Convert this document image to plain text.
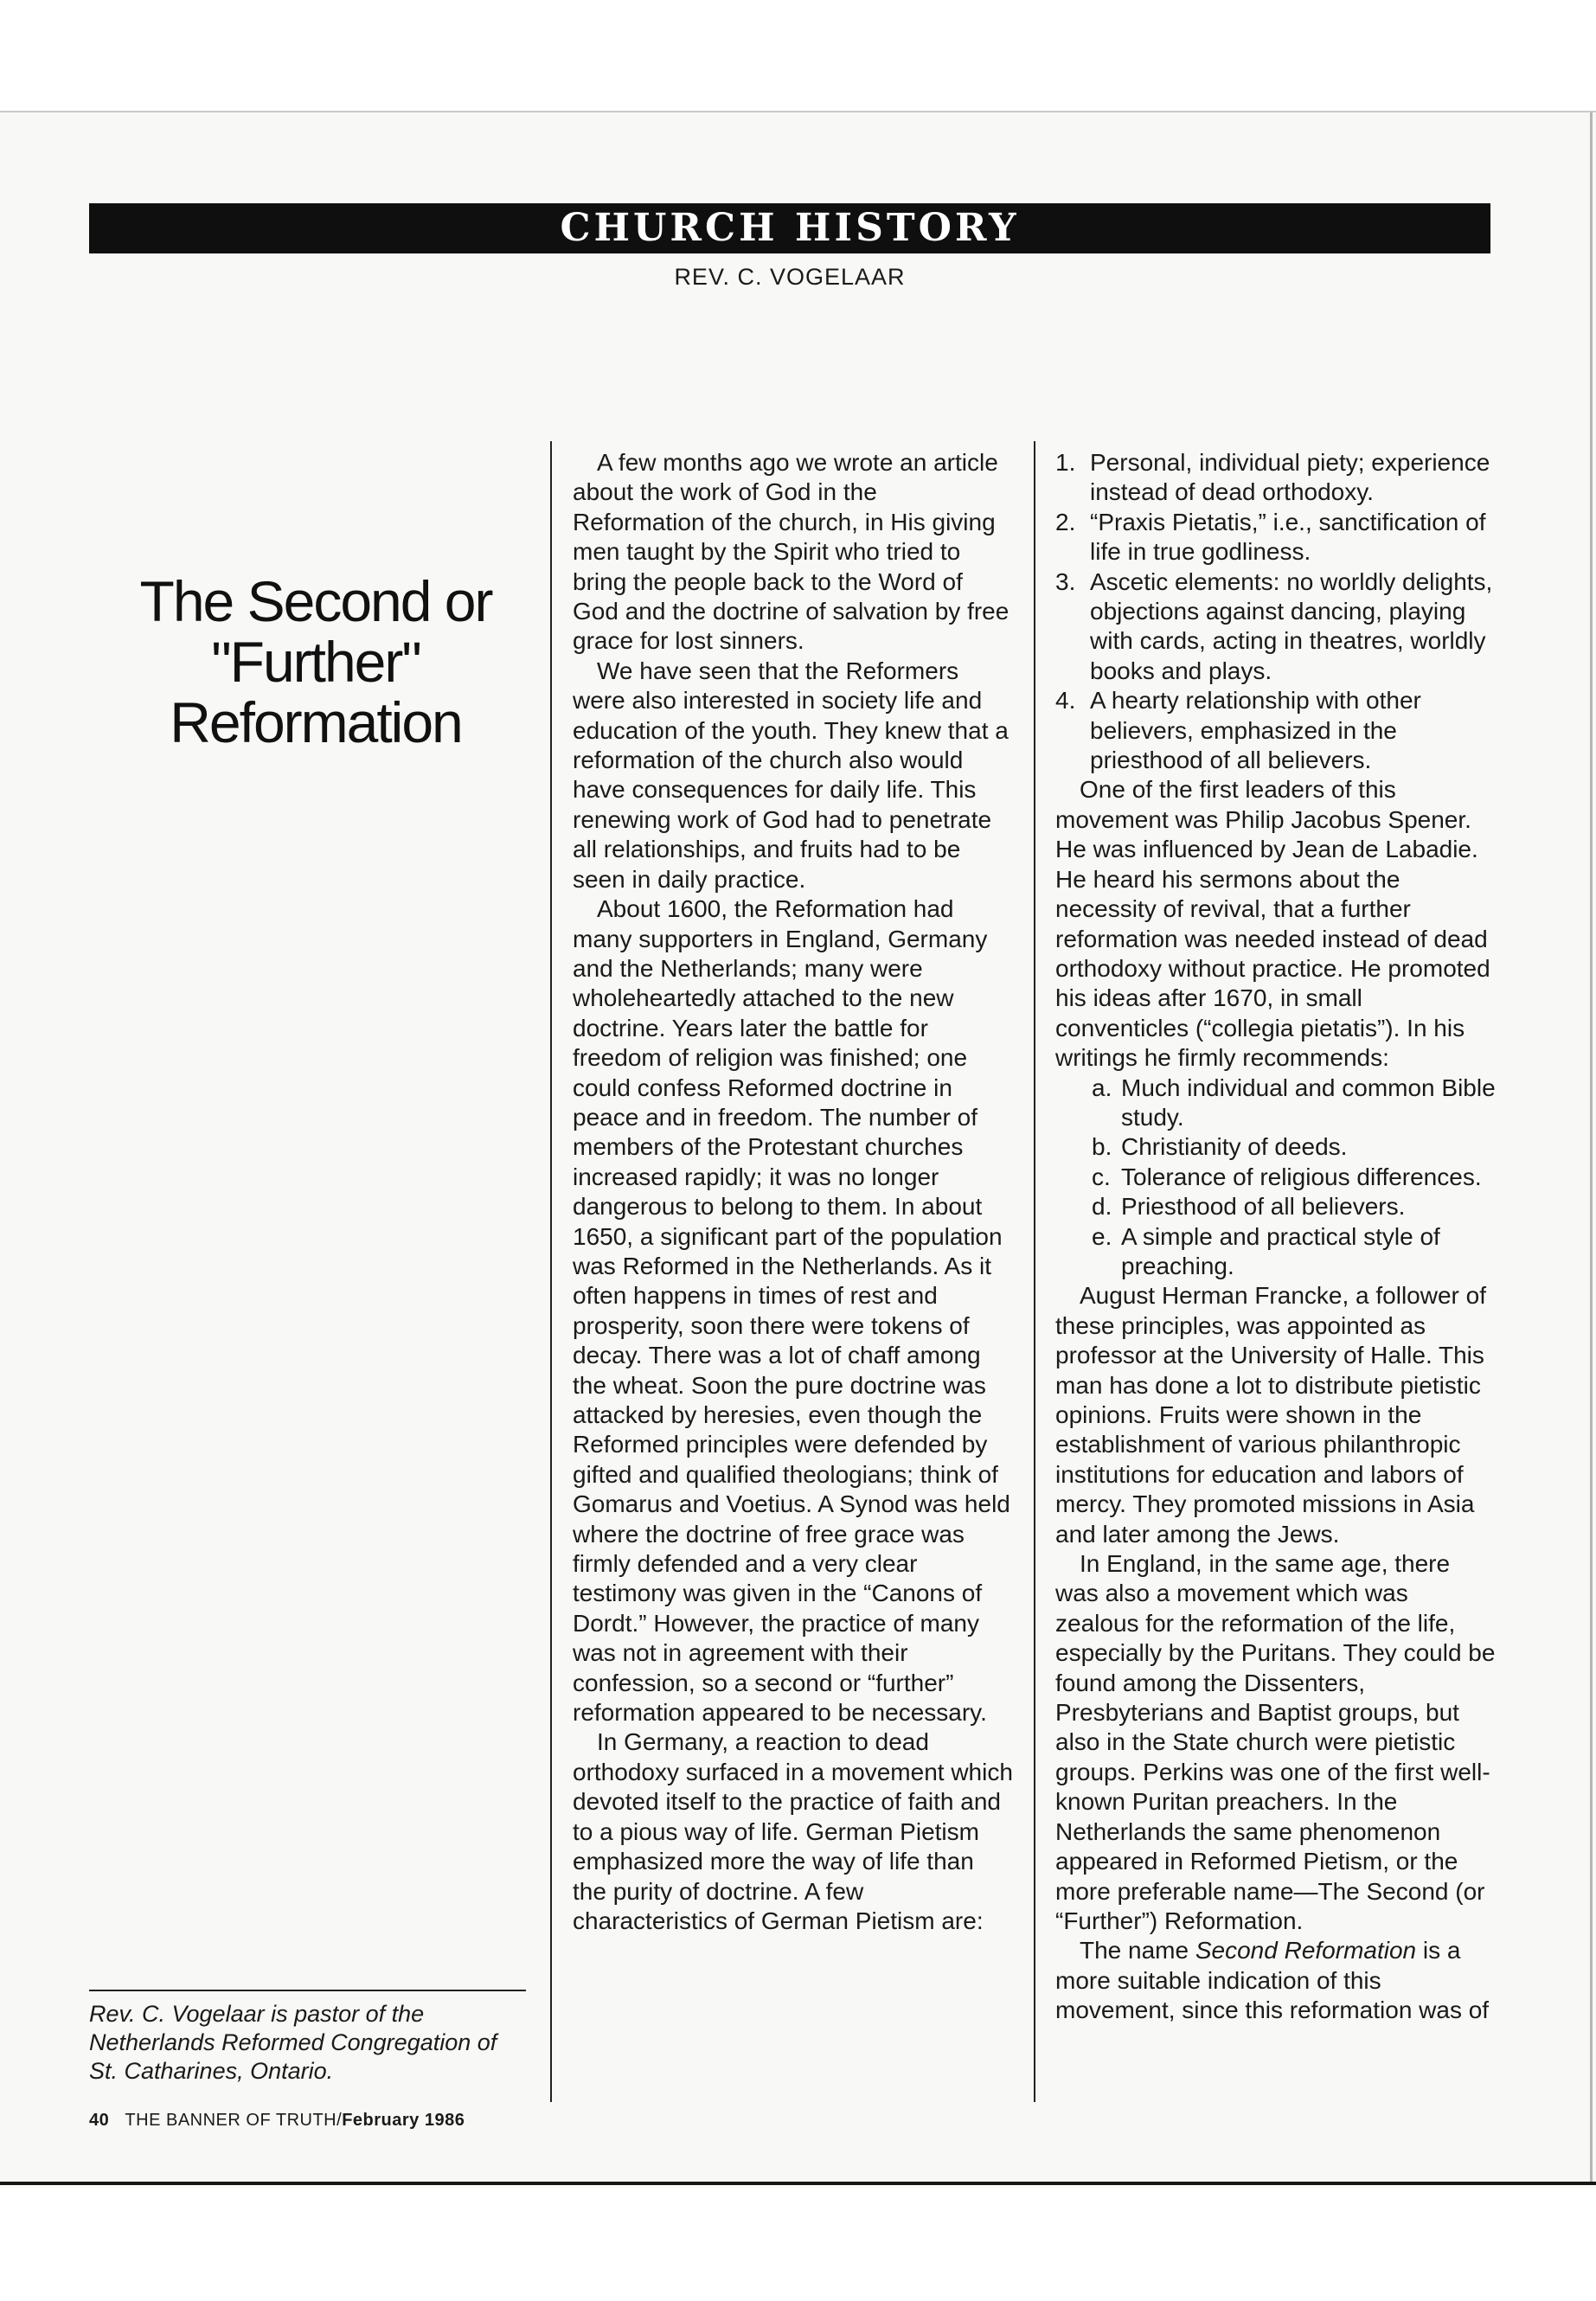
CHURCH HISTORY
REV. C. VOGELAAR
The Second or
"Further"
Reformation
Rev. C. Vogelaar is pastor of the Netherlands Reformed Congregation of St. Catharines, Ontario.
40 THE BANNER OF TRUTH/February 1986

A few months ago we wrote an article about the work of God in the Reformation of the church, in His giving men taught by the Spirit who tried to bring the people back to the Word of God and the doctrine of salvation by free grace for lost sinners.

We have seen that the Reformers were also interested in society life and education of the youth. They knew that a reformation of the church also would have consequences for daily life. This renewing work of God had to penetrate all relationships, and fruits had to be seen in daily practice.

About 1600, the Reformation had many supporters in England, Germany and the Netherlands; many were wholeheartedly attached to the new doctrine. Years later the battle for freedom of religion was finished; one could confess Reformed doctrine in peace and in freedom. The number of members of the Protestant churches increased rapidly; it was no longer dangerous to belong to them. In about 1650, a significant part of the population was Reformed in the Netherlands. As it often happens in times of rest and prosperity, soon there were tokens of decay. There was a lot of chaff among the wheat. Soon the pure doctrine was attacked by heresies, even though the Reformed principles were defended by gifted and qualified theologians; think of Gomarus and Voetius. A Synod was held where the doctrine of free grace was firmly defended and a very clear testimony was given in the “Canons of Dordt.” However, the practice of many was not in agreement with their confession, so a second or “further” reformation appeared to be necessary.

In Germany, a reaction to dead orthodoxy surfaced in a movement which devoted itself to the practice of faith and to a pious way of life. German Pietism emphasized more the way of life than the purity of doctrine. A few characteristics of German Pietism are:

1. Personal, individual piety; experience instead of dead orthodoxy.
2. “Praxis Pietatis,” i.e., sanctification of life in true godliness.
3. Ascetic elements: no worldly delights, objections against dancing, playing with cards, acting in theatres, worldly books and plays.
4. A hearty relationship with other believers, emphasized in the priesthood of all believers.

One of the first leaders of this movement was Philip Jacobus Spener. He was influenced by Jean de Labadie. He heard his sermons about the necessity of revival, that a further reformation was needed instead of dead orthodoxy without practice. He promoted his ideas after 1670, in small conventicles (“collegia pietatis”). In his writings he firmly recommends:

a. Much individual and common Bible study.
b. Christianity of deeds.
c. Tolerance of religious differences.
d. Priesthood of all believers.
e. A simple and practical style of preaching.

August Herman Francke, a follower of these principles, was appointed as professor at the University of Halle. This man has done a lot to distribute pietistic opinions. Fruits were shown in the establishment of various philanthropic institutions for education and labors of mercy. They promoted missions in Asia and later among the Jews.

In England, in the same age, there was also a movement which was zealous for the reformation of the life, especially by the Puritans. They could be found among the Dissenters, Presbyterians and Baptist groups, but also in the State church were pietistic groups. Perkins was one of the first well-known Puritan preachers. In the Netherlands the same phenomenon appeared in Reformed Pietism, or the more preferable name—The Second (or “Further”) Reformation.

The name Second Reformation is a more suitable indication of this movement, since this reformation was of
